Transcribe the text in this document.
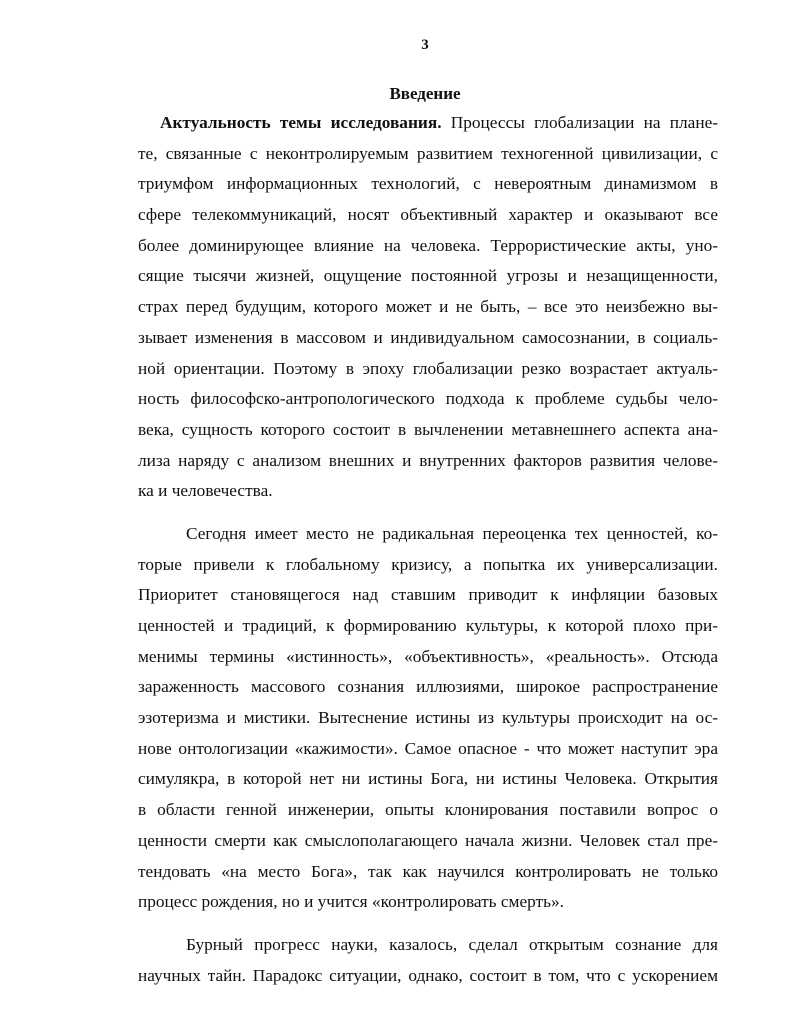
3
Введение
Актуальность темы исследования. Процессы глобализации на плане-
те, связанные с неконтролируемым развитием техногенной цивилизации, с
триумфом информационных технологий, с невероятным динамизмом в
сфере телекоммуникаций, носят объективный характер и оказывают все
более доминирующее влияние на человека. Террористические акты, уно-
сящие тысячи жизней, ощущение постоянной угрозы и незащищенности,
страх перед будущим, которого может и не быть, – все это неизбежно вы-
зывает изменения в массовом и индивидуальном самосознании, в социаль-
ной ориентации. Поэтому в эпоху глобализации резко возрастает актуаль-
ность философско-антропологического подхода к проблеме судьбы чело-
века, сущность которого состоит в вычленении метавнешнего аспекта ана-
лиза наряду с анализом внешних и внутренних факторов развития челове-
ка и человечества.
Сегодня имеет место не радикальная переоценка тех ценностей, ко-
торые привели к глобальному кризису, а попытка их универсализации.
Приоритет становящегося над ставшим приводит к инфляции базовых
ценностей и традиций, к формированию культуры, к которой плохо при-
менимы термины «истинность», «объективность», «реальность». Отсюда
зараженность массового сознания иллюзиями, широкое распространение
эзотеризма и мистики. Вытеснение истины из культуры происходит на ос-
нове онтологизации «кажимости». Самое опасное - что может наступит эра
симулякра, в которой нет ни истины Бога, ни истины Человека. Открытия
в области генной инженерии, опыты клонирования поставили вопрос о
ценности смерти как смыслополагающего начала жизни. Человек стал пре-
тендовать «на место Бога», так как научился контролировать не только
процесс рождения, но и учится «контролировать смерть».
Бурный прогресс науки, казалось, сделал открытым сознание для
научных тайн. Парадокс ситуации, однако, состоит в том, что с ускорением
